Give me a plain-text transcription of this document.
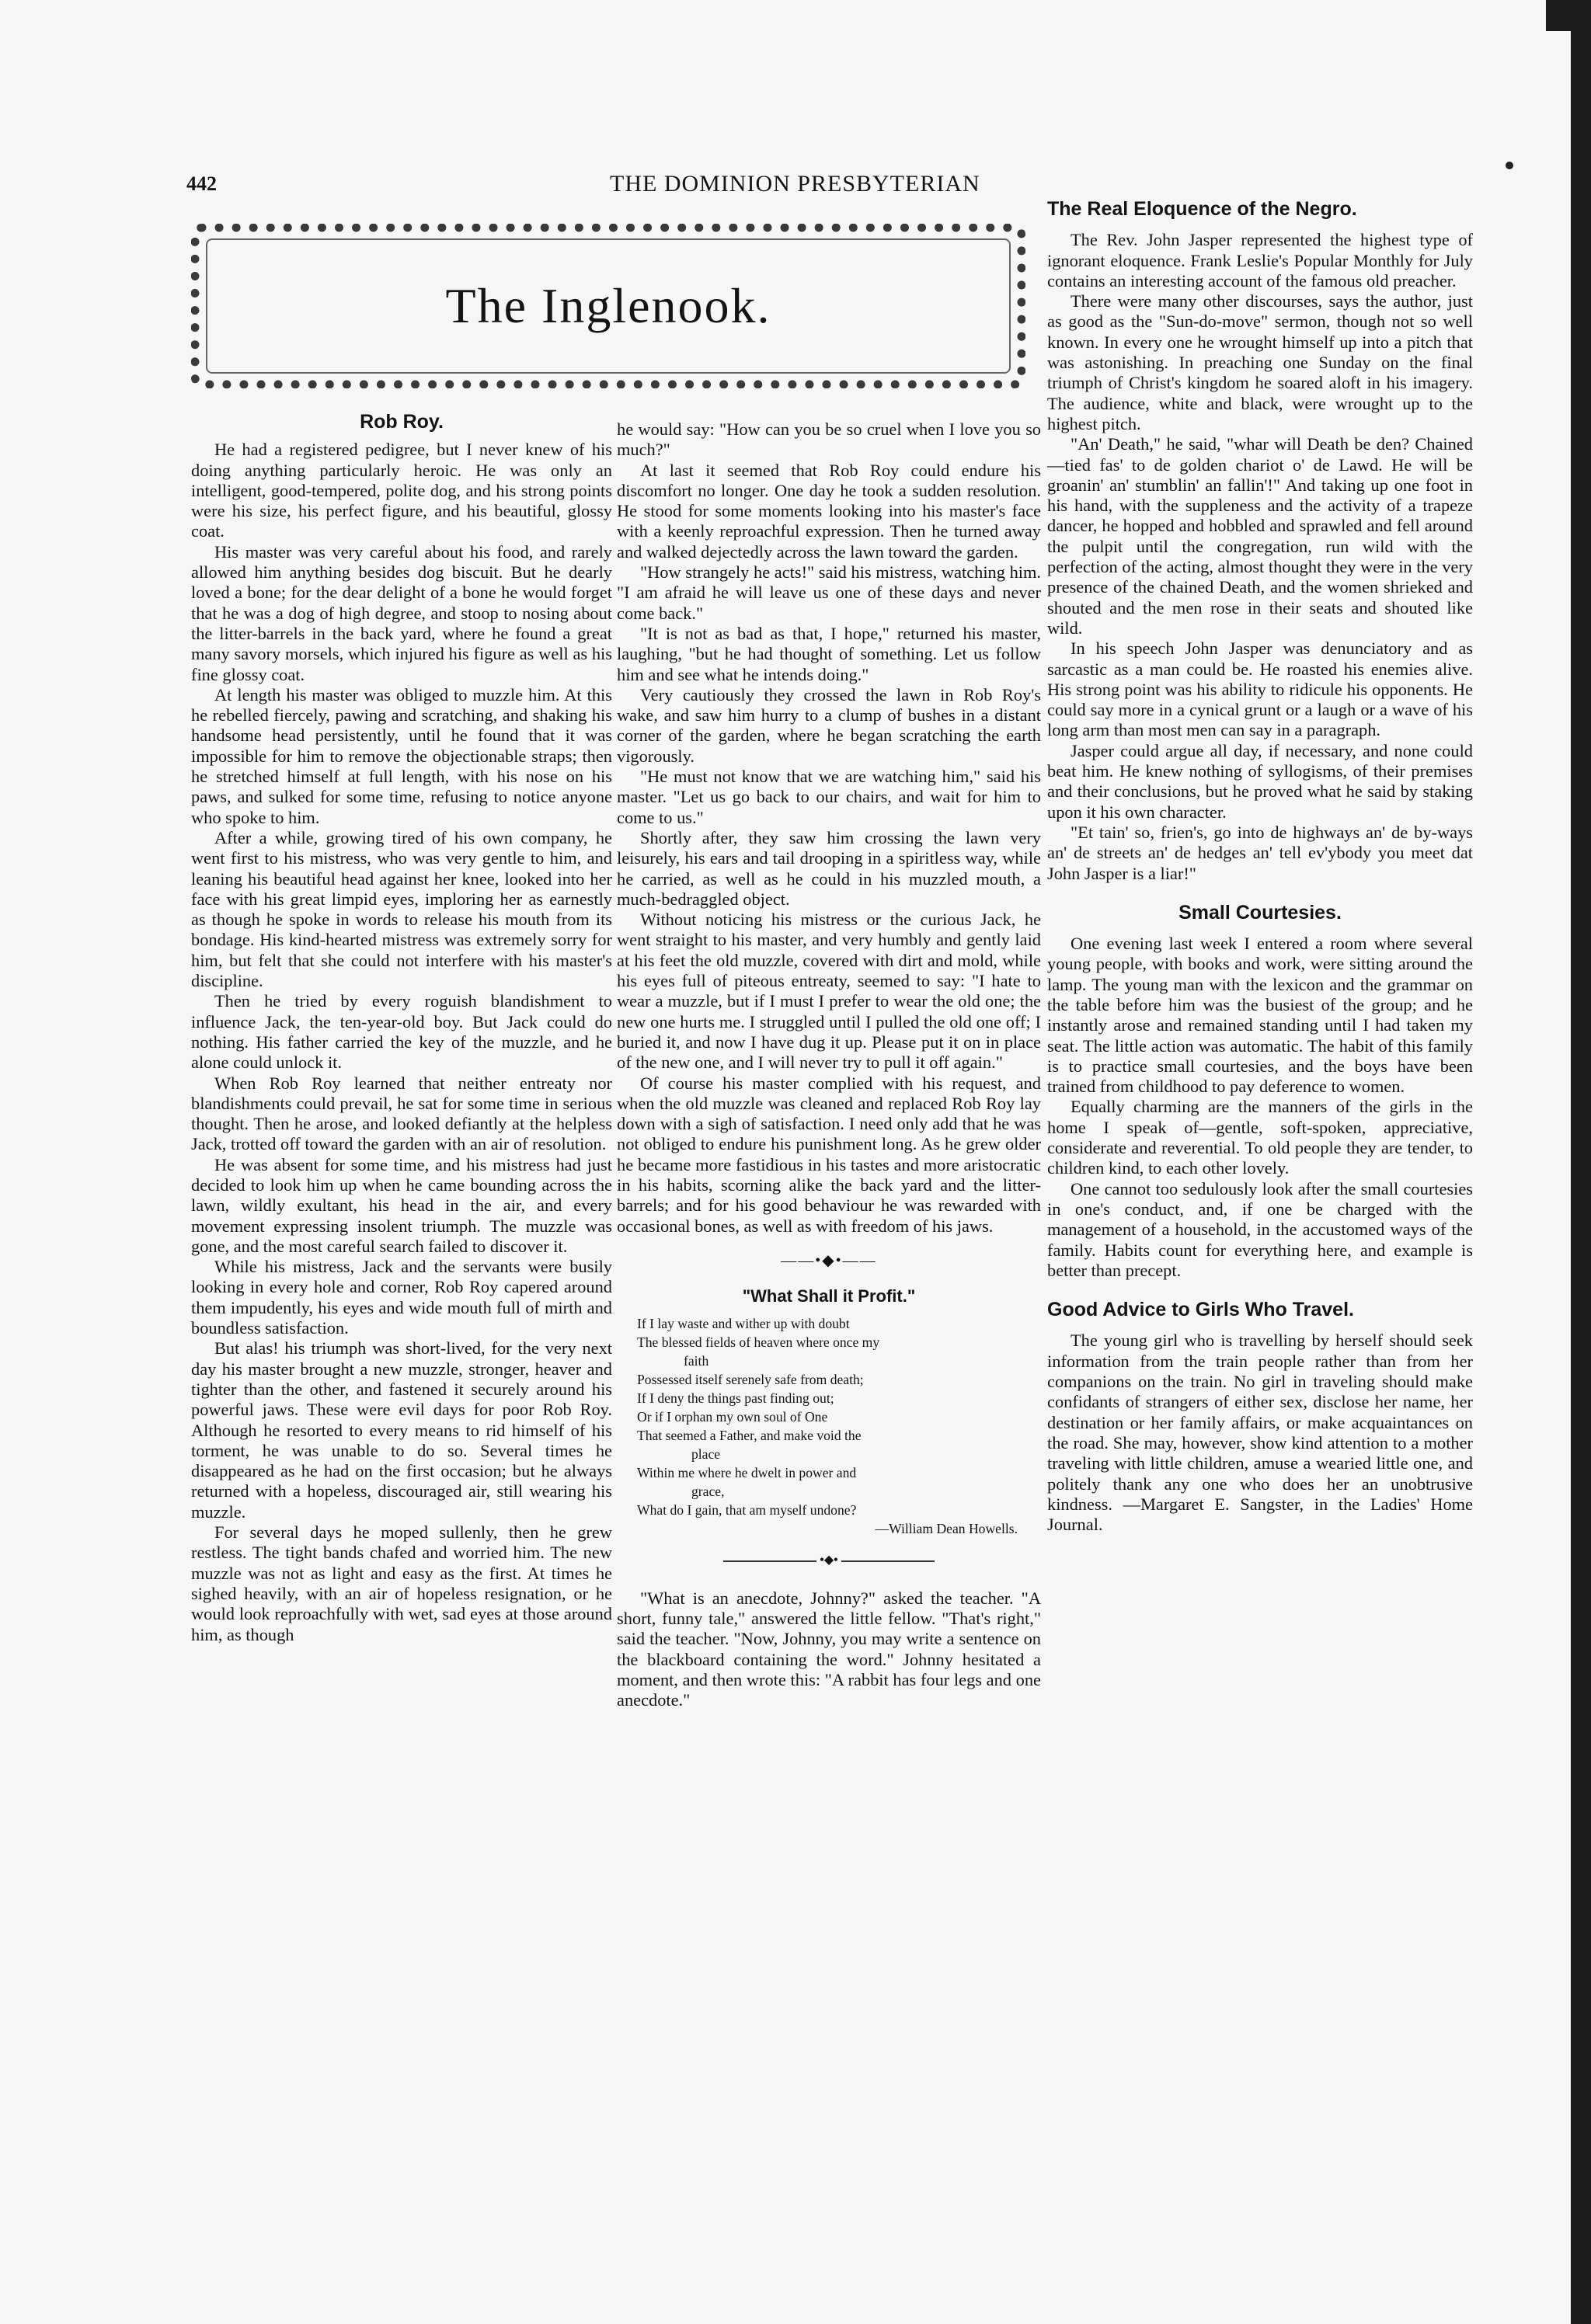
442	THE DOMINION PRESBYTERIAN
The Inglenook.
Rob Roy.

He had a registered pedigree, but I never knew of his doing anything particularly heroic. He was only an intelligent, good-tempered, polite dog, and his strong points were his size, his perfect figure, and his beautiful, glossy coat.

His master was very careful about his food, and rarely allowed him anything besides dog biscuit. But he dearly loved a bone; for the dear delight of a bone he would forget that he was a dog of high degree, and stoop to nosing about the litter-barrels in the back yard, where he found a great many savory morsels, which injured his figure as well as his fine glossy coat.

At length his master was obliged to muzzle him. At this he rebelled fiercely, pawing and scratching, and shaking his handsome head persistently, until he found that it was impossible for him to remove the objectionable straps; then he stretched himself at full length, with his nose on his paws, and sulked for some time, refusing to notice anyone who spoke to him.

After a while, growing tired of his own company, he went first to his mistress, who was very gentle to him, and leaning his beautiful head against her knee, looked into her face with his great limpid eyes, imploring her as earnestly as though he spoke in words to release his mouth from its bondage. His kind-hearted mistress was extremely sorry for him, but felt that she could not interfere with his master's discipline.

Then he tried by every roguish blandishment to influence Jack, the ten-year-old boy. But Jack could do nothing. His father carried the key of the muzzle, and he alone could unlock it.

When Rob Roy learned that neither entreaty nor blandishments could prevail, he sat for some time in serious thought. Then he arose, and looked defiantly at the helpless Jack, trotted off toward the garden with an air of resolution.

He was absent for some time, and his mistress had just decided to look him up when he came bounding across the lawn, wildly exultant, his head in the air, and every movement expressing insolent triumph. The muzzle was gone, and the most careful search failed to discover it.

While his mistress, Jack and the servants were busily looking in every hole and corner, Rob Roy capered around them impudently, his eyes and wide mouth full of mirth and boundless satisfaction.

But alas! his triumph was short-lived, for the very next day his master brought a new muzzle, stronger, heaver and tighter than the other, and fastened it securely around his powerful jaws. These were evil days for poor Rob Roy. Although he resorted to every means to rid himself of his torment, he was unable to do so. Several times he disappeared as he had on the first occasion; but he always returned with a hopeless, discouraged air, still wearing his muzzle.

For several days he moped sullenly, then he grew restless. The tight bands chafed and worried him. The new muzzle was not as light and easy as the first. At times he sighed heavily, with an air of hopeless resignation, or he would look reproachfully with wet, sad eyes at those around him, as though

he would say: "How can you be so cruel when I love you so much?"

At last it seemed that Rob Roy could endure his discomfort no longer. One day he took a sudden resolution. He stood for some moments looking into his master's face with a keenly reproachful expression. Then he turned away and walked dejectedly across the lawn toward the garden.

"How strangely he acts!" said his mistress, watching him. "I am afraid he will leave us one of these days and never come back."

"It is not as bad as that, I hope," returned his master, laughing, "but he had thought of something. Let us follow him and see what he intends doing."

Very cautiously they crossed the lawn in Rob Roy's wake, and saw him hurry to a clump of bushes in a distant corner of the garden, where he began scratching the earth vigorously.

"He must not know that we are watching him," said his master. "Let us go back to our chairs, and wait for him to come to us."

Shortly after, they saw him crossing the lawn very leisurely, his ears and tail drooping in a spiritless way, while he carried, as well as he could in his muzzled mouth, a much-bedraggled object.

Without noticing his mistress or the curious Jack, he went straight to his master, and very humbly and gently laid at his feet the old muzzle, covered with dirt and mold, while his eyes full of piteous entreaty, seemed to say: "I hate to wear a muzzle, but if I must I prefer to wear the old one; the new one hurts me. I struggled until I pulled the old one off; I buried it, and now I have dug it up. Please put it on in place of the new one, and I will never try to pull it off again."

Of course his master complied with his request, and when the old muzzle was cleaned and replaced Rob Roy lay down with a sigh of satisfaction. I need only add that he was not obliged to endure his punishment long. As he grew older he became more fastidious in his tastes and more aristocratic in his habits, scorning alike the back yard and the litter-barrels; and for his good behaviour he was rewarded with occasional bones, as well as with freedom of his jaws.

——•◆•——
"What Shall it Profit."
If I lay waste and wither up with doubt
The blessed fields of heaven where once my
faith
Possessed itself serenely safe from death;
If I deny the things past finding out;
Or if I orphan my own soul of One
That seemed a Father, and make void the
place
Within me where he dwelt in power and
grace,
What do I gain, that am myself undone?
—William Dean Howells.
•◆•

"What is an anecdote, Johnny?" asked the teacher. "A short, funny tale," answered the little fellow. "That's right," said the teacher. "Now, Johnny, you may write a sentence on the blackboard containing the word." Johnny hesitated a moment, and then wrote this: "A rabbit has four legs and one anecdote."

The Real Eloquence of the Negro.

The Rev. John Jasper represented the highest type of ignorant eloquence. Frank Leslie's Popular Monthly for July contains an interesting account of the famous old preacher.

There were many other discourses, says the author, just as good as the "Sun-do-move" sermon, though not so well known. In every one he wrought himself up into a pitch that was astonishing. In preaching one Sunday on the final triumph of Christ's kingdom he soared aloft in his imagery. The audience, white and black, were wrought up to the highest pitch.

"An' Death," he said, "whar will Death be den? Chained—tied fas' to de golden chariot o' de Lawd. He will be groanin' an' stumblin' an fallin'!" And taking up one foot in his hand, with the suppleness and the activity of a trapeze dancer, he hopped and hobbled and sprawled and fell around the pulpit until the congregation, run wild with the perfection of the acting, almost thought they were in the very presence of the chained Death, and the women shrieked and shouted and the men rose in their seats and shouted like wild.

In his speech John Jasper was denunciatory and as sarcastic as a man could be. He roasted his enemies alive. His strong point was his ability to ridicule his opponents. He could say more in a cynical grunt or a laugh or a wave of his long arm than most men can say in a paragraph.

Jasper could argue all day, if necessary, and none could beat him. He knew nothing of syllogisms, of their premises and their conclusions, but he proved what he said by staking upon it his own character.

"Et tain' so, frien's, go into de highways an' de by-ways an' de streets an' de hedges an' tell ev'ybody you meet dat John Jasper is a liar!"

Small Courtesies.

One evening last week I entered a room where several young people, with books and work, were sitting around the lamp. The young man with the lexicon and the grammar on the table before him was the busiest of the group; and he instantly arose and remained standing until I had taken my seat. The little action was automatic. The habit of this family is to practice small courtesies, and the boys have been trained from childhood to pay deference to women.

Equally charming are the manners of the girls in the home I speak of—gentle, soft-spoken, appreciative, considerate and reverential. To old people they are tender, to children kind, to each other lovely.

One cannot too sedulously look after the small courtesies in one's conduct, and, if one be charged with the management of a household, in the accustomed ways of the family. Habits count for everything here, and example is better than precept.

Good Advice to Girls Who Travel.

The young girl who is travelling by herself should seek information from the train people rather than from her companions on the train. No girl in traveling should make confidants of strangers of either sex, disclose her name, her destination or her family affairs, or make acquaintances on the road. She may, however, show kind attention to a mother traveling with little children, amuse a wearied little one, and politely thank any one who does her an unobtrusive kindness. —Margaret E. Sangster, in the Ladies' Home Journal.
